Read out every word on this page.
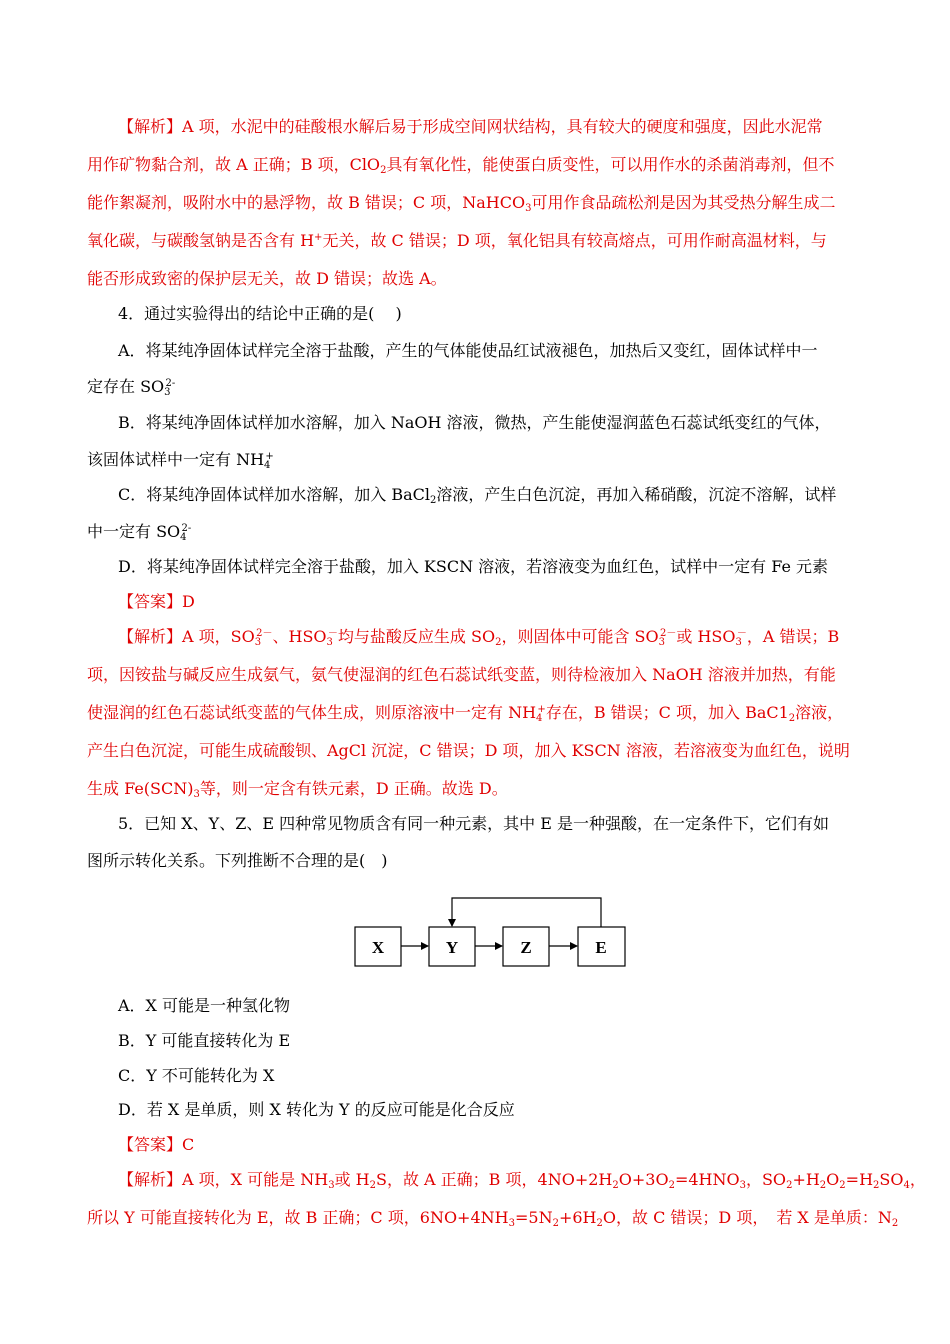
【解析】A 项，水泥中的硅酸根水解后易于形成空间网状结构，具有较大的硬度和强度，因此水泥常
用作矿物黏合剂，故 A 正确；B 项，ClO$_2$具有氧化性，能使蛋白质变性，可以用作水的杀菌消毒剂，但不
能作絮凝剂，吸附水中的悬浮物，故 B 错误；C 项，NaHCO$_3$可用作食品疏松剂是因为其受热分解生成二
氧化碳，与碳酸氢钠是否含有 H+无关，故 C 错误；D 项，氧化铝具有较高熔点，可用作耐高温材料，与
能否形成致密的保护层无关，故 D 错误；故选 A。
4．通过实验得出的结论中正确的是(　 )
A．将某纯净固体试样完全溶于盐酸，产生的气体能使品红试液褪色，加热后又变红，固体试样中一
定存在 $SO_3^{2-}$
B．将某纯净固体试样加水溶解，加入 NaOH 溶液，微热，产生能使湿润蓝色石蕊试纸变红的气体，
该固体试样中一定有 $NH_4^+$
C．将某纯净固体试样加水溶解，加入 BaCl$_2$溶液，产生白色沉淀，再加入稀硝酸，沉淀不溶解，试样
中一定有 $SO_4^{2-}$
D．将某纯净固体试样完全溶于盐酸，加入 KSCN 溶液，若溶液变为血红色，试样中一定有 Fe 元素
【答案】D
【解析】A 项，$SO_3^{2-}$、$HSO_3^-$均与盐酸反应生成 $SO_2$，则固体中可能含 $SO_3^{2-}$或 $HSO_3^-$，A 错误；B
项，因铵盐与碱反应生成氨气，氨气使湿润的红色石蕊试纸变蓝，则待检液加入 NaOH 溶液并加热，有能
使湿润的红色石蕊试纸变蓝的气体生成，则原溶液中一定有 $NH_4^+$存在，B 错误；C 项，加入 $BaC1_2$溶液，
产生白色沉淀，可能生成硫酸钡、AgCl 沉淀，C 错误；D 项，加入 KSCN 溶液，若溶液变为血红色，说明
生成 $Fe(SCN)_3$等，则一定含有铁元素，D 正确。故选 D。
5．已知 X、Y、Z、E 四种常见物质含有同一种元素，其中 E 是一种强酸，在一定条件下，它们有如
图所示转化关系。下列推断不合理的是(　)
X	Y	Z	E
A．X 可能是一种氢化物
B．Y 可能直接转化为 E
C．Y 不可能转化为 X
D．若 X 是单质，则 X 转化为 Y 的反应可能是化合反应
【答案】C
【解析】A 项，X 可能是 $NH_3$或 $H_2S$，故 A 正确；B 项，$4NO+2H_2O+3O_2=4HNO_3$，$SO_2+H_2O_2=H_2SO_4$，
所以 Y 可能直接转化为 E，故 B 正确；C 项，$6NO+4NH_3=5N_2+6H_2O$，故 C 错误；D 项，　若 X 是单质：$N_2$
